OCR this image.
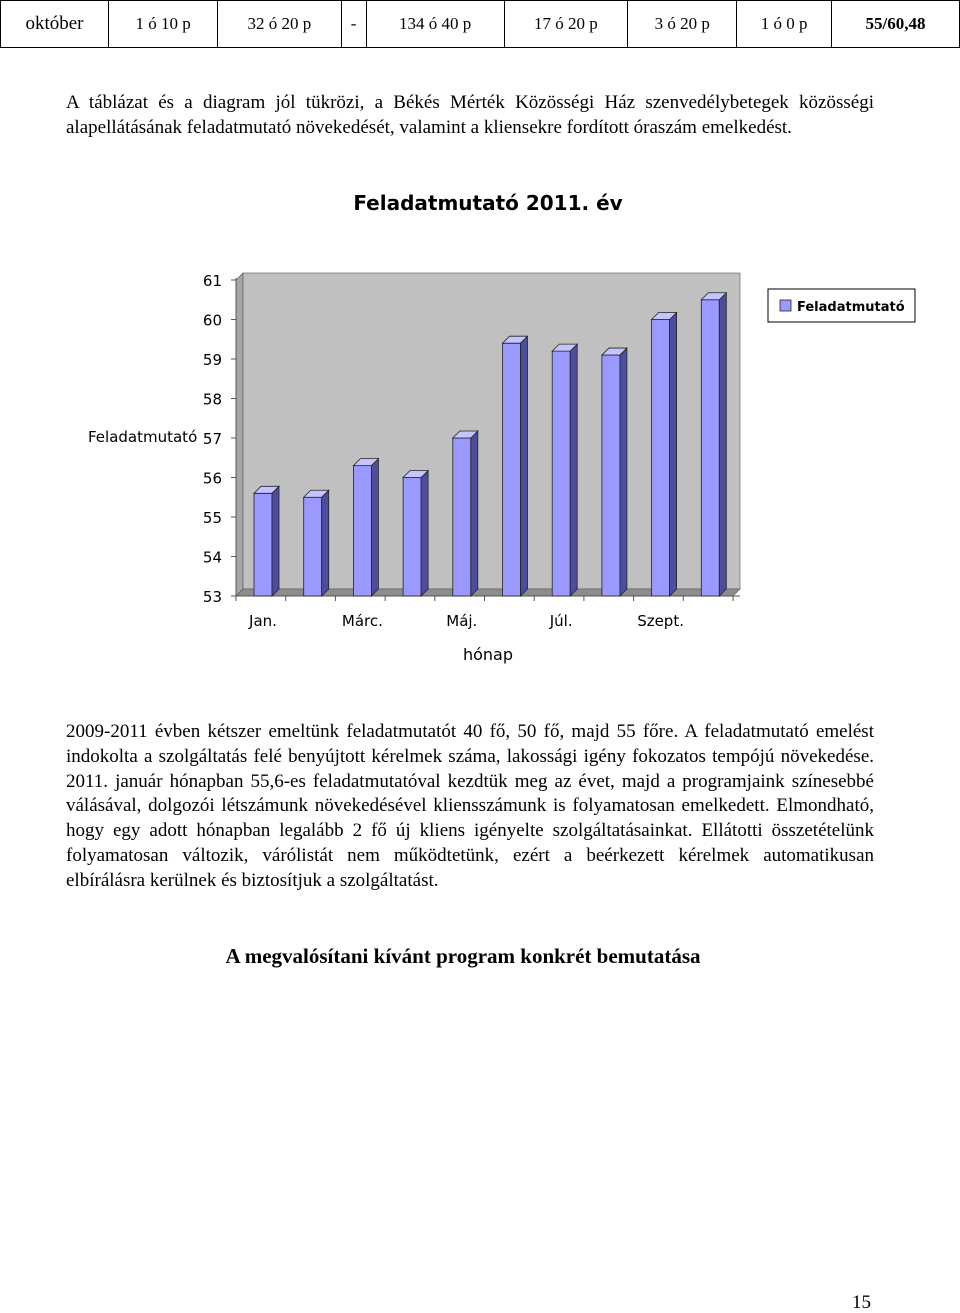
október	1 ó 10 p	32 ó 20 p	-	134 ó 40 p	17 ó 20 p	3 ó 20 p	1 ó 0 p	55/60,48

A táblázat és a diagram jól tükrözi, a Békés Mérték Közösségi Ház szenvedélybetegek közösségi alapellátásának feladatmutató növekedését, valamint a kliensekre fordított óraszám emelkedést.

53
54
55
56
57
58
59
60
61
Jan.	Márc.	Máj.	Júl.	Szept.
Feladatmutató 2011. év
hónap
Feladatmutató
Feladatmutató

2009-2011 évben kétszer emeltünk feladatmutatót 40 fő, 50 fő, majd 55 főre. A feladatmutató emelést indokolta a szolgáltatás felé benyújtott kérelmek száma, lakossági igény fokozatos tempójú növekedése. 2011. január hónapban 55,6-es feladatmutatóval kezdtük meg az évet, majd a programjaink színesebbé válásával, dolgozói létszámunk növekedésével kliensszámunk is folyamatosan emelkedett. Elmondható, hogy egy adott hónapban legalább 2 fő új kliens igényelte szolgáltatásainkat. Ellátotti összetételünk folyamatosan változik, várólistát nem működtetünk, ezért a beérkezett kérelmek automatikusan elbírálásra kerülnek és biztosítjuk a szolgáltatást.

A megvalósítani kívánt program konkrét bemutatása
15
